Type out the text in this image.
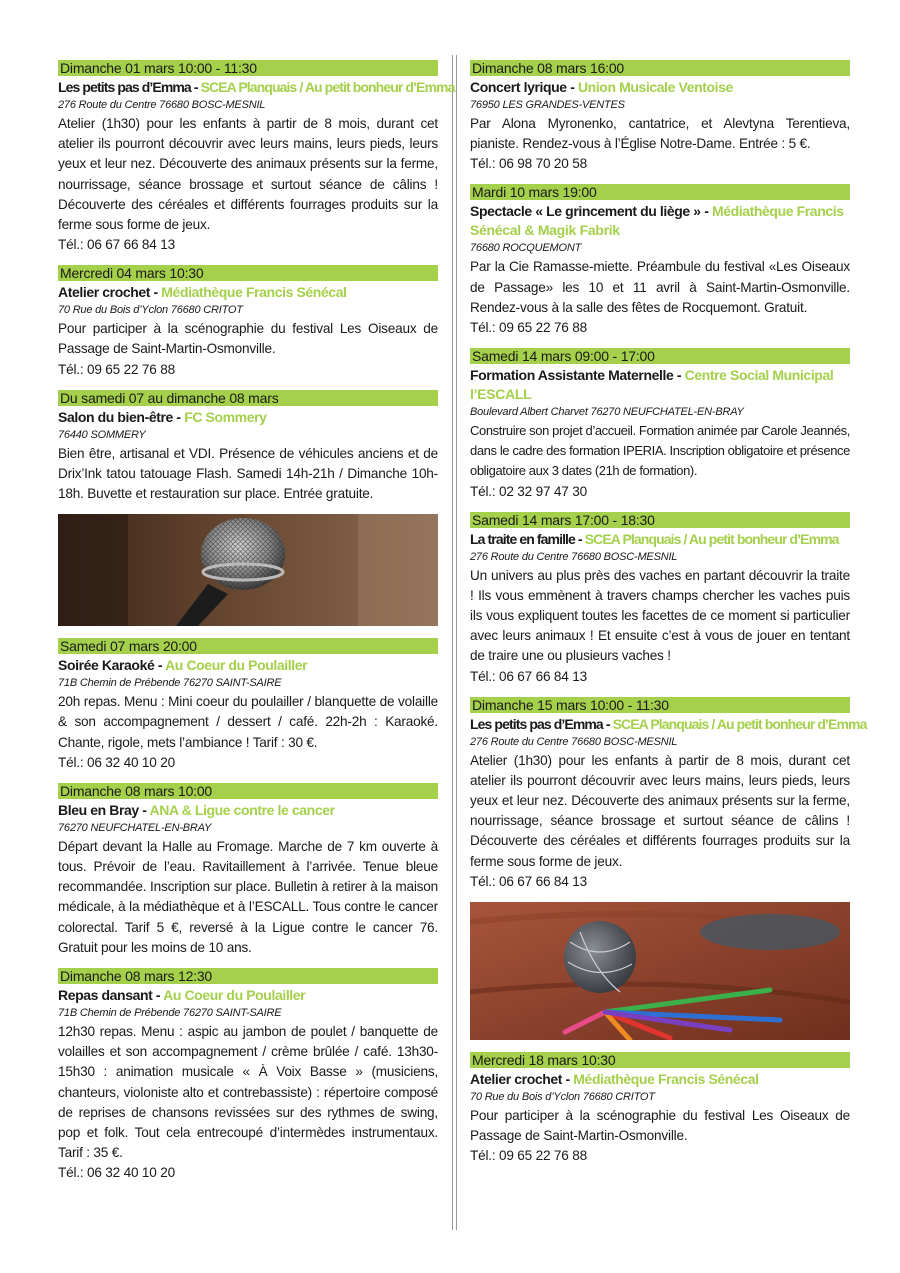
Dimanche 01 mars 10:00 - 11:30
Les petits pas d’Emma - SCEA Planquais / Au petit bonheur d’Emma
276 Route du Centre 76680 BOSC-MESNIL
Atelier (1h30) pour les enfants à partir de 8 mois, durant cet atelier ils pourront découvrir avec leurs mains, leurs pieds, leurs yeux et leur nez. Découverte des animaux présents sur la ferme, nourrissage, séance brossage et surtout séance de câlins ! Découverte des céréales et différents fourrages produits sur la ferme sous forme de jeux.
Tél.: 06 67 66 84 13
Mercredi 04 mars 10:30
Atelier crochet - Médiathèque Francis Sénécal
70 Rue du Bois d’Yclon 76680 CRITOT
Pour participer à la scénographie du festival Les Oiseaux de Passage de Saint-Martin-Osmonville.
Tél.: 09 65 22 76 88
Du samedi 07 au dimanche 08 mars
Salon du bien-être - FC Sommery
76440 SOMMERY
Bien être, artisanal et VDI. Présence de véhicules anciens et de Drix’Ink tatou tatouage Flash. Samedi 14h-21h / Dimanche 10h-18h. Buvette et restauration sur place. Entrée gratuite.
Samedi 07 mars 20:00
Soirée Karaoké - Au Coeur du Poulailler
71B Chemin de Prébende 76270 SAINT-SAIRE
20h repas. Menu : Mini coeur du poulailler / blanquette de volaille & son accompagnement / dessert / café. 22h-2h : Karaoké. Chante, rigole, mets l’ambiance ! Tarif : 30 €.
Tél.: 06 32 40 10 20
Dimanche 08 mars 10:00
Bleu en Bray - ANA & Ligue contre le cancer
76270 NEUFCHATEL-EN-BRAY
Départ devant la Halle au Fromage. Marche de 7 km ouverte à tous. Prévoir de l’eau. Ravitaillement à l’arrivée. Tenue bleue recommandée. Inscription sur place. Bulletin à retirer à la maison médicale, à la médiathèque et à l’ESCALL. Tous contre le cancer colorectal. Tarif 5 €, reversé à la Ligue contre le cancer 76. Gratuit pour les moins de 10 ans.
Dimanche 08 mars 12:30
Repas dansant - Au Coeur du Poulailler
71B Chemin de Prébende 76270 SAINT-SAIRE
12h30 repas. Menu : aspic au jambon de poulet / banquette de volailles et son accompagnement / crème brûlée / café. 13h30-15h30 : animation musicale « À Voix Basse » (musiciens, chanteurs, violoniste alto et contrebassiste) : répertoire composé de reprises de chansons revissées sur des rythmes de swing, pop et folk. Tout cela entrecoupé d’intermèdes instrumentaux. Tarif : 35 €.
Tél.: 06 32 40 10 20
Dimanche 08 mars 16:00
Concert lyrique - Union Musicale Ventoise
76950 LES GRANDES-VENTES
Par Alona Myronenko, cantatrice, et Alevtyna Terentieva, pianiste. Rendez-vous à l’Église Notre-Dame. Entrée : 5 €.
Tél.: 06 98 70 20 58
Mardi 10 mars 19:00
Spectacle « Le grincement du liège » - Médiathèque Francis
Sénécal & Magik Fabrik
76680 ROCQUEMONT
Par la Cie Ramasse-miette. Préambule du festival «Les Oiseaux de Passage» les 10 et 11 avril à Saint-Martin-Osmonville. Rendez-vous à la salle des fêtes de Rocquemont. Gratuit.
Tél.: 09 65 22 76 88
Samedi 14 mars 09:00 - 17:00
Formation Assistante Maternelle - Centre Social Municipal
l’ESCALL
Boulevard Albert Charvet 76270 NEUFCHATEL-EN-BRAY
Construire son projet d’accueil. Formation animée par Carole Jeannés, dans le cadre des formation IPERIA. Inscription obligatoire et présence obligatoire aux 3 dates (21h de formation).
Tél.: 02 32 97 47 30
Samedi 14 mars 17:00 - 18:30
La traite en famille - SCEA Planquais / Au petit bonheur d’Emma
276 Route du Centre 76680 BOSC-MESNIL
Un univers au plus près des vaches en partant découvrir la traite ! Ils vous emmènent à travers champs chercher les vaches puis ils vous expliquent toutes les facettes de ce moment si particulier avec leurs animaux ! Et ensuite c’est à vous de jouer en tentant de traire une ou plusieurs vaches !
Tél.: 06 67 66 84 13
Dimanche 15 mars 10:00 - 11:30
Les petits pas d’Emma - SCEA Planquais / Au petit bonheur d’Emma
276 Route du Centre 76680 BOSC-MESNIL
Atelier (1h30) pour les enfants à partir de 8 mois, durant cet atelier ils pourront découvrir avec leurs mains, leurs pieds, leurs yeux et leur nez. Découverte des animaux présents sur la ferme, nourrissage, séance brossage et surtout séance de câlins ! Découverte des céréales et différents fourrages produits sur la ferme sous forme de jeux.
Tél.: 06 67 66 84 13
Mercredi 18 mars 10:30
Atelier crochet - Médiathèque Francis Sénécal
70 Rue du Bois d’Yclon 76680 CRITOT
Pour participer à la scénographie du festival Les Oiseaux de Passage de Saint-Martin-Osmonville.
Tél.: 09 65 22 76 88
